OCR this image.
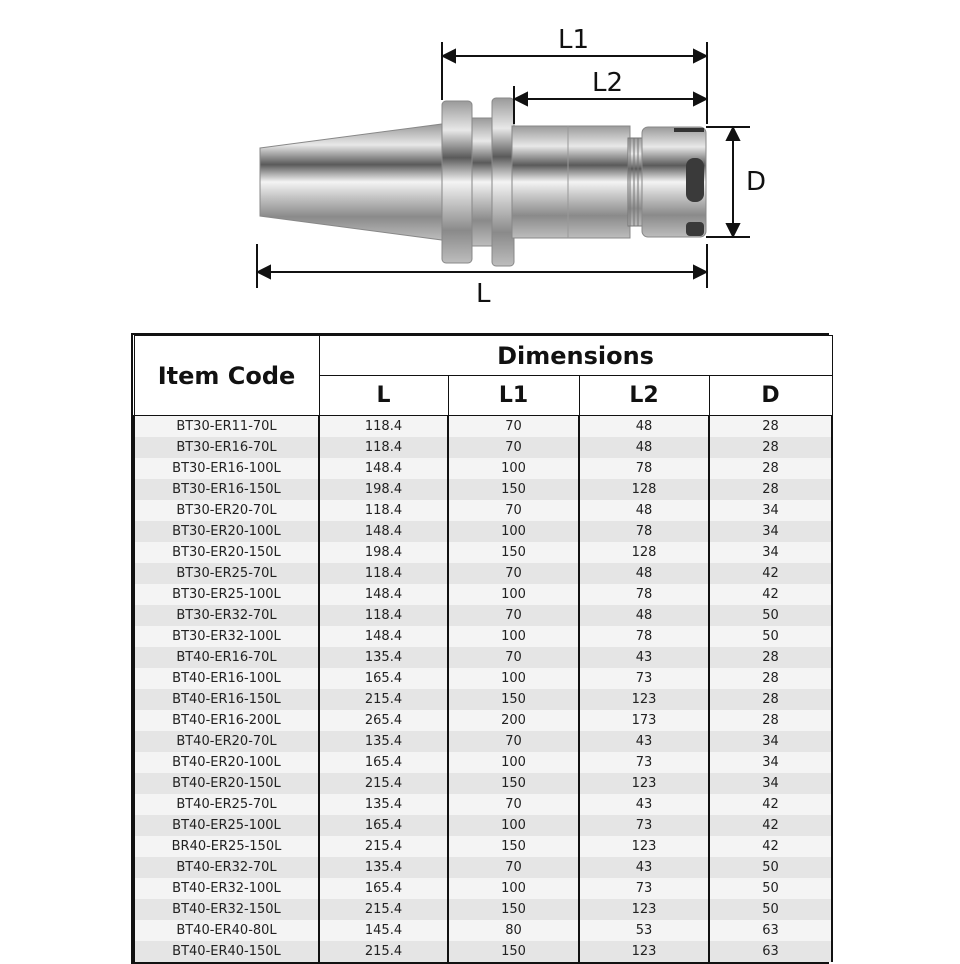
L1
L2
D
L
Item Code	Dimensions			
	L	L1	L2	D
BT30-ER11-70L	118.4	70	48	28
BT30-ER16-70L	118.4	70	48	28
BT30-ER16-100L	148.4	100	78	28
BT30-ER16-150L	198.4	150	128	28
BT30-ER20-70L	118.4	70	48	34
BT30-ER20-100L	148.4	100	78	34
BT30-ER20-150L	198.4	150	128	34
BT30-ER25-70L	118.4	70	48	42
BT30-ER25-100L	148.4	100	78	42
BT30-ER32-70L	118.4	70	48	50
BT30-ER32-100L	148.4	100	78	50
BT40-ER16-70L	135.4	70	43	28
BT40-ER16-100L	165.4	100	73	28
BT40-ER16-150L	215.4	150	123	28
BT40-ER16-200L	265.4	200	173	28
BT40-ER20-70L	135.4	70	43	34
BT40-ER20-100L	165.4	100	73	34
BT40-ER20-150L	215.4	150	123	34
BT40-ER25-70L	135.4	70	43	42
BT40-ER25-100L	165.4	100	73	42
BR40-ER25-150L	215.4	150	123	42
BT40-ER32-70L	135.4	70	43	50
BT40-ER32-100L	165.4	100	73	50
BT40-ER32-150L	215.4	150	123	50
BT40-ER40-80L	145.4	80	53	63
BT40-ER40-150L	215.4	150	123	63
